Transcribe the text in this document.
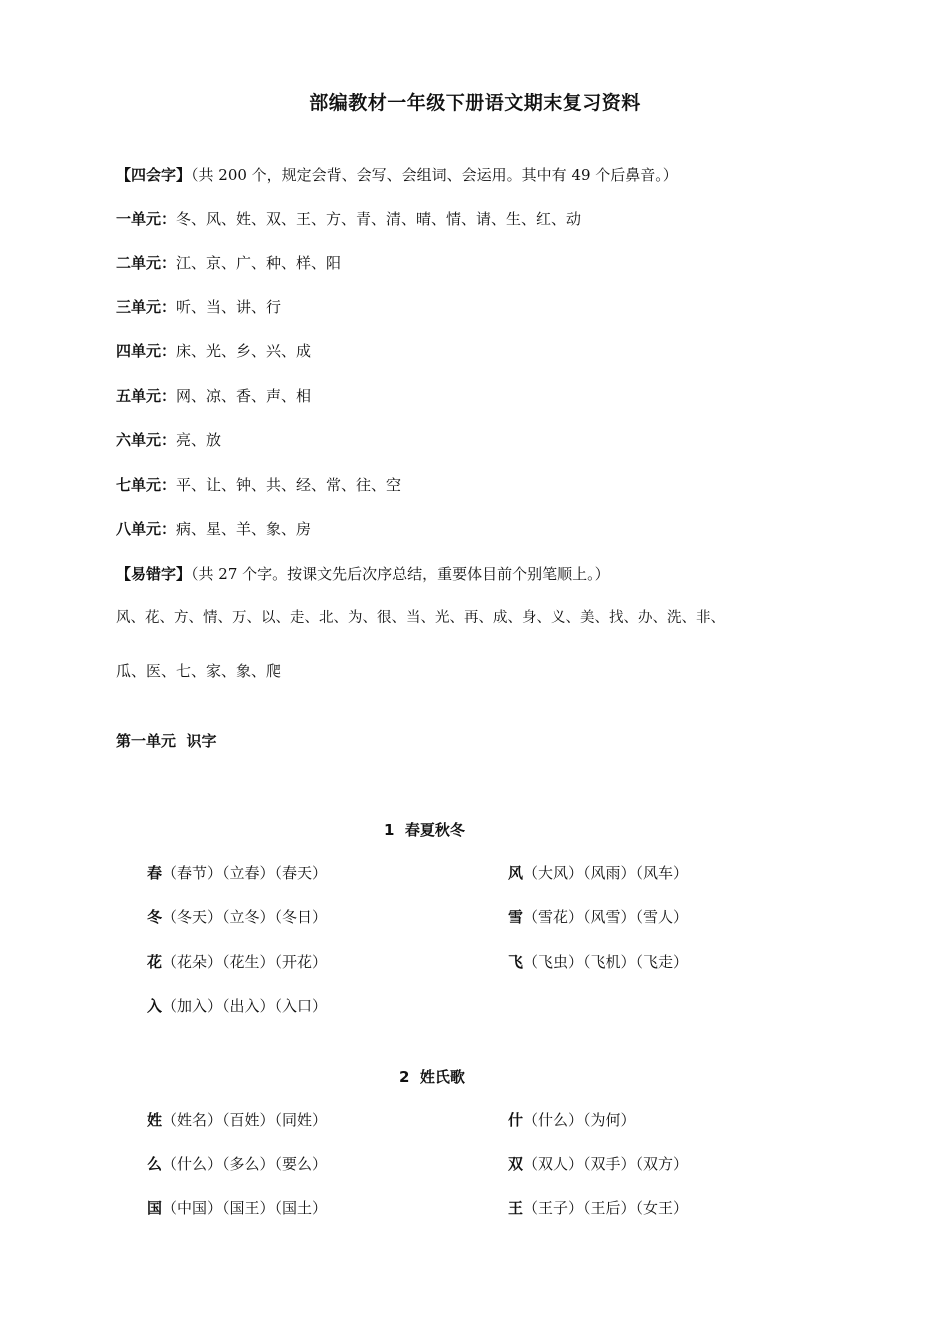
部编教材一年级下册语文期末复习资料
【四会字】（共 200 个，规定会背、会写、会组词、会运用。其中有 49 个后鼻音。）
一单元：冬、风、姓、双、王、方、青、清、晴、情、请、生、红、动
二单元：江、京、广、种、样、阳
三单元：听、当、讲、行
四单元：床、光、乡、兴、成
五单元：网、凉、香、声、相
六单元：亮、放
七单元：平、让、钟、共、经、常、往、空
八单元：病、星、羊、象、房
【易错字】（共 27 个字。按课文先后次序总结，重要体目前个别笔顺上。）
风、花、方、情、万、以、走、北、为、很、当、光、再、成、身、义、美、找、办、洗、非、
瓜、医、七、家、象、爬
第一单元  识字
1  春夏秋冬
春（春节）（立春）（春天）
冬（冬天）（立冬）（冬日）
花（花朵）（花生）（开花）
入（加入）（出入）（入口）
风（大风）（风雨）（风车）
雪（雪花）（风雪）（雪人）
飞（飞虫）（飞机）（飞走）
2  姓氏歌
姓（姓名）（百姓）（同姓）
么（什么）（多么）（要么）
国（中国）（国王）（国土）
什（什么）（为何）
双（双人）（双手）（双方）
王（王子）（王后）（女王）
